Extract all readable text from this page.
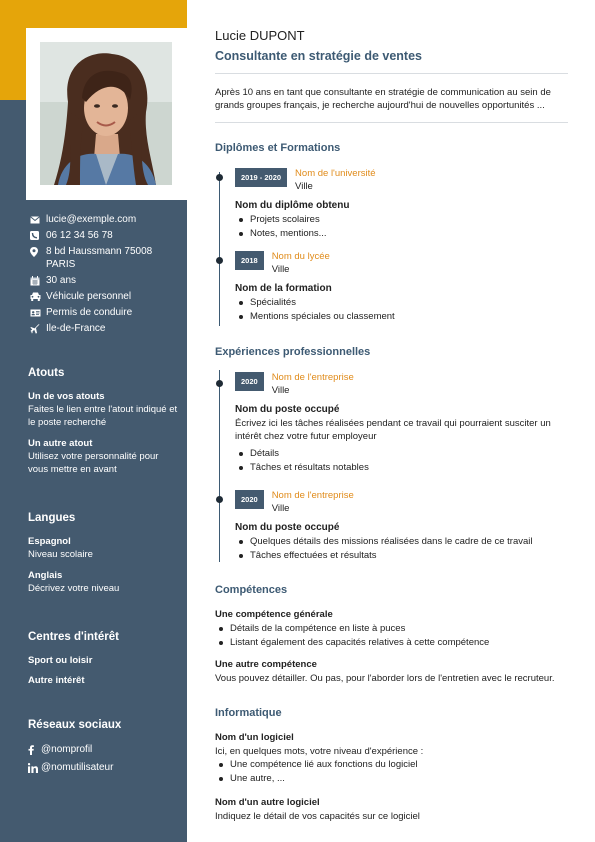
lucie@exemple.com
06 12 34 56 78
8 bd Haussmann 75008 PARIS
30 ans
Véhicule personnel
Permis de conduire
Ile-de-France
Atouts
Un de vos atouts
Faites le lien entre l'atout indiqué et le poste recherché
Un autre atout
Utilisez votre personnalité pour vous mettre en avant
Langues
Espagnol
Niveau scolaire
Anglais
Décrivez votre niveau
Centres d'intérêt
Sport ou loisir
Autre intérêt
Réseaux sociaux
@nomprofil
@nomutilisateur
Lucie DUPONT
Consultante en stratégie de ventes
Après 10 ans en tant que consultante en stratégie de communication au sein de grands groupes français, je recherche aujourd'hui de nouvelles opportunités ...
Diplômes et Formations
2019 - 2020	Nom de l'université
Ville
Nom du diplôme obtenu
Projets scolaires
Notes, mentions...
2018	Nom du lycée
Ville
Nom de la formation
Spécialités
Mentions spéciales ou classement
Expériences professionnelles
2020	Nom de l'entreprise
Ville
Nom du poste occupé
Écrivez ici les tâches réalisées pendant ce travail qui pourraient susciter un intérêt chez votre futur employeur
Détails
Tâches et résultats notables
2020	Nom de l'entreprise
Ville
Nom du poste occupé
Quelques détails des missions réalisées dans le cadre de ce travail
Tâches effectuées et résultats
Compétences
Une compétence générale
Détails de la compétence en liste à puces
Listant également des capacités relatives à cette compétence
Une autre compétence
Vous pouvez détailler. Ou pas, pour l'aborder lors de l'entretien avec le recruteur.
Informatique
Nom d'un logiciel
Ici, en quelques mots, votre niveau d'expérience :
Une compétence lié aux fonctions du logiciel
Une autre, ...
Nom d'un autre logiciel
Indiquez le détail de vos capacités sur ce logiciel
